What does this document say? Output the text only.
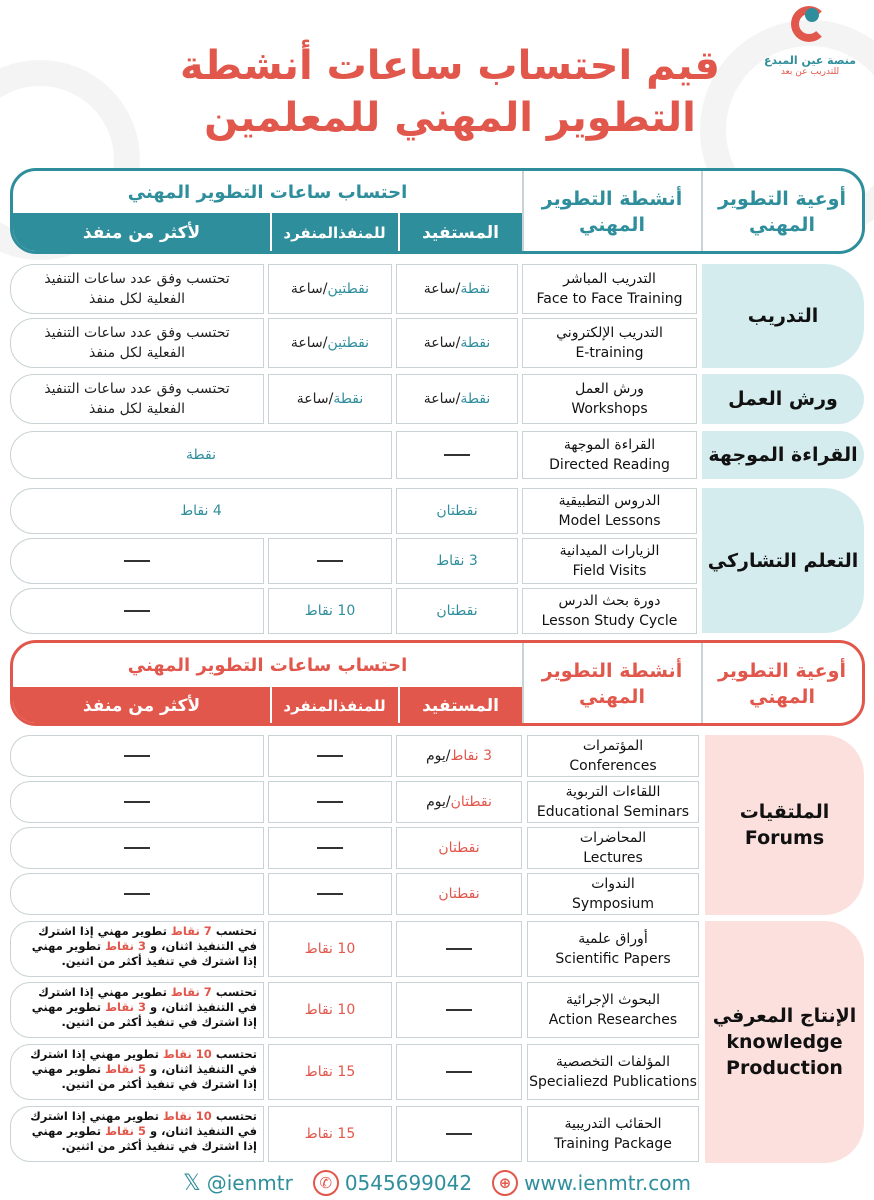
منصة عين المبدع
للتدريب عن بعد
قيم احتساب ساعات أنشطة
التطوير المهني للمعلمين
أوعية التطوير المهني
أنشطة التطوير المهني
احتساب ساعات التطوير المهني
المستفيد
للمنفذالمنفرد
لأكثر من منفذ
التدريب
ورش العمل
القراءة الموجهة
التعلم التشاركي
التدريب المباشر
Face to Face Training
نقطة
/ساعة
نقطتين
/ساعة
تحتسب وفق عدد ساعات التنفيذ الفعلية لكل منفذ
التدريب الإلكتروني
E-training
نقطة
/ساعة
نقطتين
/ساعة
تحتسب وفق عدد ساعات التنفيذ الفعلية لكل منفذ
ورش العمل
Workshops
نقطة
/ساعة
نقطة
/ساعة
تحتسب وفق عدد ساعات التنفيذ الفعلية لكل منفذ
القراءة الموجهة
Directed Reading
نقطة
الدروس التطبيقية
Model Lessons
نقطتان
4 نقاط
الزيارات الميدانية
Field Visits
3 نقاط
دورة بحث الدرس
Lesson Study Cycle
نقطتان
10 نقاط
أوعية التطوير المهني
أنشطة التطوير المهني
احتساب ساعات التطوير المهني
المستفيد
للمنفذالمنفرد
لأكثر من منفذ
الملتقيات
Forums
الإنتاج المعرفي
knowledge
Production
المؤتمرات
Conferences
3 نقاط
/يوم
اللقاءات التربوية
Educational Seminars
نقطتان
/يوم
المحاضرات
Lectures
نقطتان
الندوات
Symposium
نقطتان
أوراق علمية
Scientific Papers
10 نقاط
تحتسب 7 نقاط تطوير مهني إذا اشترك في التنفيذ اثنان، و 3 نقاط تطوير مهني إذا اشترك في تنفيذ أكثر من اثنين.
البحوث الإجرائية
Action Researches
10 نقاط
تحتسب 7 نقاط تطوير مهني إذا اشترك في التنفيذ اثنان، و 3 نقاط تطوير مهني إذا اشترك في تنفيذ أكثر من اثنين.
المؤلفات التخصصية
Specialiezd Publications
15 نقاط
تحتسب 10 نقاط تطوير مهني إذا اشترك في التنفيذ اثنان، و 5 نقاط تطوير مهني إذا اشترك في تنفيذ أكثر من اثنين.
الحقائب التدريبية
Training Package
15 نقاط
تحتسب 10 نقاط تطوير مهني إذا اشترك في التنفيذ اثنان، و 5 نقاط تطوير مهني إذا اشترك في تنفيذ أكثر من اثنين.
𝕏 @ienmtr	✆ 0545699042	⊕ www.ienmtr.com
